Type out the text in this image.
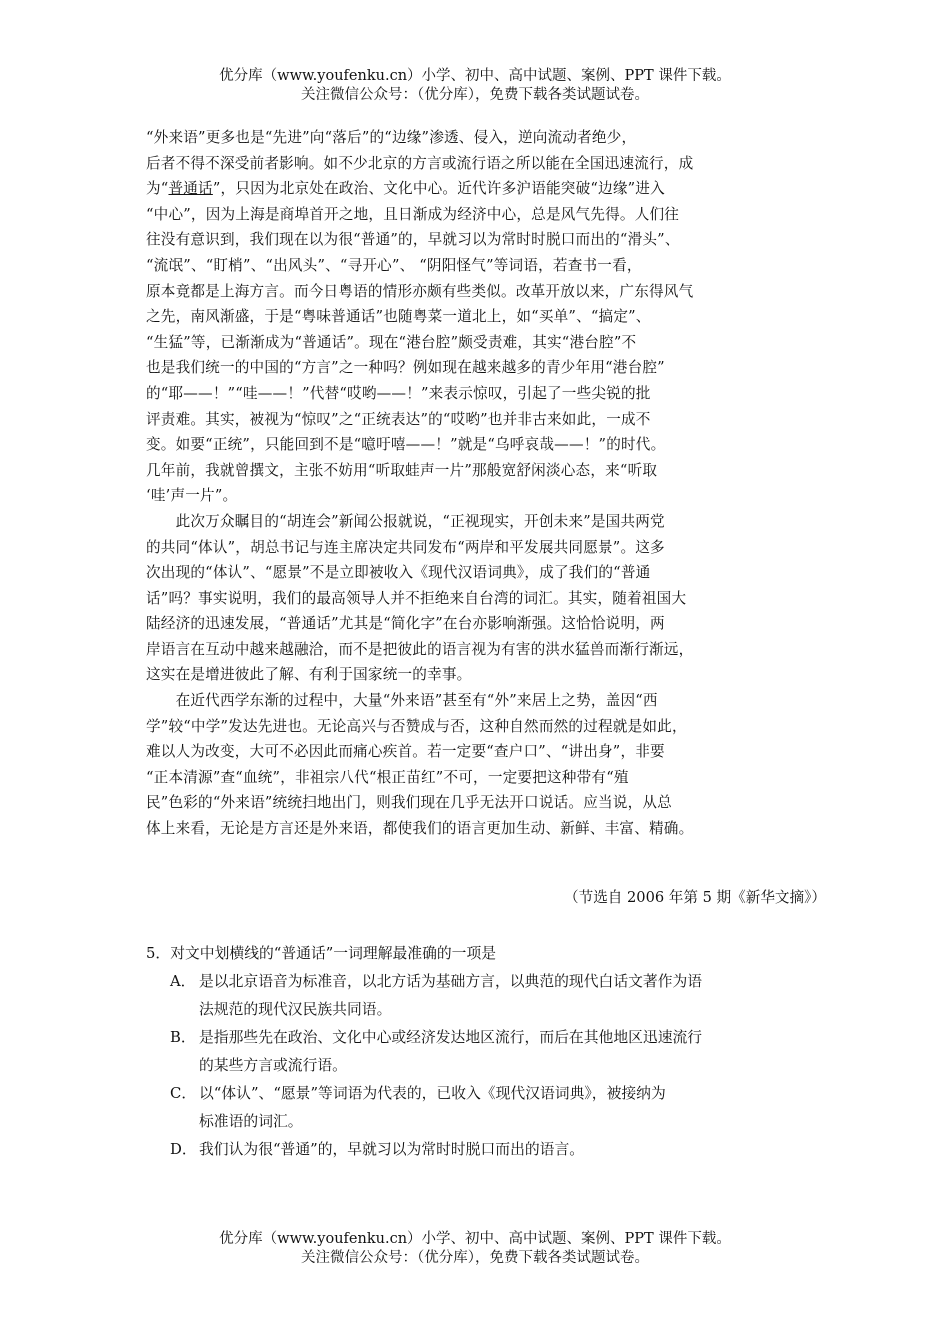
优分库（www.youfenku.cn）小学、初中、高中试题、案例、PPT 课件下载。
关注微信公众号：（优分库），免费下载各类试题试卷。
“外来语”更多也是“先进”向“落后”的“边缘”渗透、侵入，逆向流动者绝少，
后者不得不深受前者影响。如不少北京的方言或流行语之所以能在全国迅速流行，成
为“普通话”，只因为北京处在政治、文化中心。近代许多沪语能突破“边缘”进入
“中心”，因为上海是商埠首开之地，且日渐成为经济中心，总是风气先得。人们往
往没有意识到，我们现在以为很“普通”的，早就习以为常时时脱口而出的“滑头”、
“流氓”、“盯梢”、“出风头”、“寻开心”、 “阴阳怪气”等词语，若查书一看，
原本竟都是上海方言。而今日粤语的情形亦颇有些类似。改革开放以来，广东得风气
之先，南风渐盛，于是“粤味普通话”也随粤菜一道北上，如“买单”、“搞定”、
“生猛”等，已渐渐成为“普通话”。现在“港台腔”颇受责难，其实“港台腔”不
也是我们统一的中国的“方言”之一种吗？例如现在越来越多的青少年用“港台腔”
的“耶——！”“哇——！”代替“哎哟——！”来表示惊叹，引起了一些尖锐的批
评责难。其实，被视为“惊叹”之“正统表达”的“哎哟”也并非古来如此，一成不
变。如要“正统”，只能回到不是“噫吁嘻——！”就是“乌呼哀哉——！”的时代。
几年前，我就曾撰文，主张不妨用“听取蛙声一片”那般宽舒闲淡心态，来“听取
‘哇’声一片”。
　　此次万众瞩目的“胡连会”新闻公报就说，“正视现实，开创未来”是国共两党
的共同“体认”，胡总书记与连主席决定共同发布“两岸和平发展共同愿景”。这多
次出现的“体认”、“愿景”不是立即被收入《现代汉语词典》，成了我们的“普通
话”吗？事实说明，我们的最高领导人并不拒绝来自台湾的词汇。其实，随着祖国大
陆经济的迅速发展，“普通话”尤其是“简化字”在台亦影响渐强。这恰恰说明，两
岸语言在互动中越来越融洽，而不是把彼此的语言视为有害的洪水猛兽而渐行渐远，
这实在是增进彼此了解、有利于国家统一的幸事。
　　在近代西学东渐的过程中，大量“外来语”甚至有“外”来居上之势，盖因“西
学”较“中学”发达先进也。无论高兴与否赞成与否，这种自然而然的过程就是如此，
难以人为改变，大可不必因此而痛心疾首。若一定要“查户口”、“讲出身”，非要
“正本清源”查“血统”，非祖宗八代“根正苗红”不可，一定要把这种带有“殖
民”色彩的“外来语”统统扫地出门，则我们现在几乎无法开口说话。应当说，从总
体上来看，无论是方言还是外来语，都使我们的语言更加生动、新鲜、丰富、精确。
（节选自 2006 年第 5 期《新华文摘》）
5．对文中划横线的“普通话”一词理解最准确的一项是
A． 是以北京语音为标准音，以北方话为基础方言，以典范的现代白话文著作为语
法规范的现代汉民族共同语。
B． 是指那些先在政治、文化中心或经济发达地区流行，而后在其他地区迅速流行
的某些方言或流行语。
C． 以“体认”、“愿景”等词语为代表的，已收入《现代汉语词典》，被接纳为
标准语的词汇。
D． 我们认为很“普通”的，早就习以为常时时脱口而出的语言。
优分库（www.youfenku.cn）小学、初中、高中试题、案例、PPT 课件下载。
关注微信公众号：（优分库），免费下载各类试题试卷。
